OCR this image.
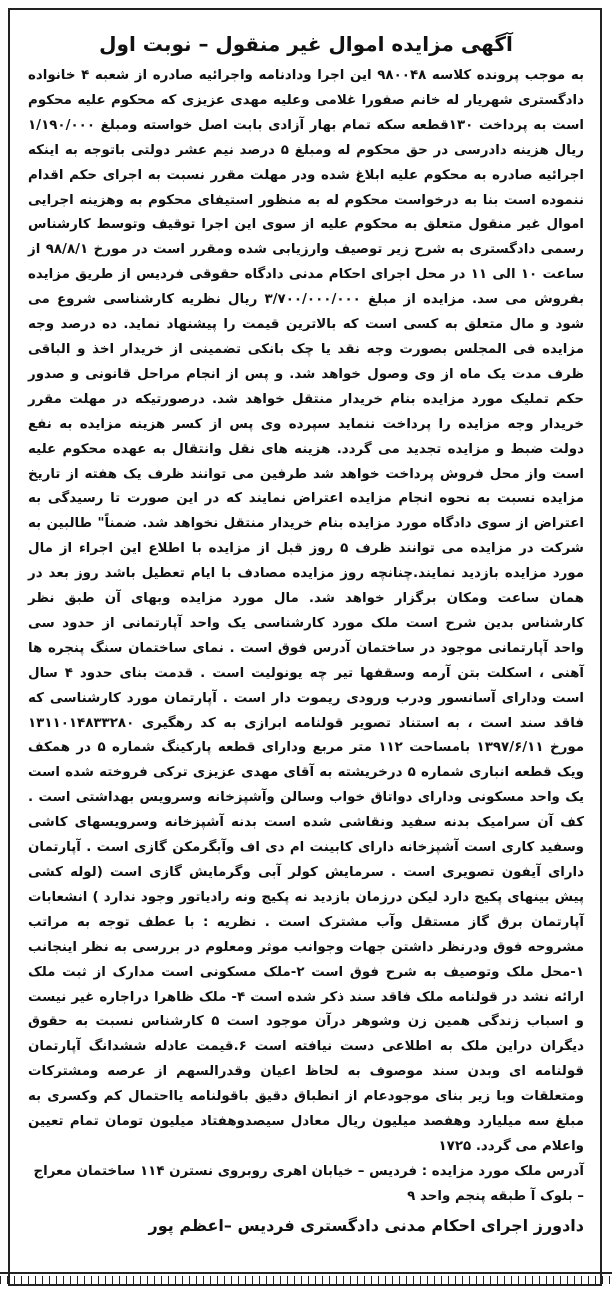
آگهی مزایده اموال غیر منقول – نوبت اول

به موجب پرونده کلاسه ۹۸۰۰۴۸ این اجرا ودادنامه واجرائیه صادره از شعبه ۴ خانواده دادگستری شهریار له خانم صفورا غلامی وعلیه مهدی عزیزی که محکوم علیه محکوم است به پرداخت ۱۳۰قطعه سکه تمام بهار آزادی بابت اصل خواسته ومبلغ ۱/۱۹۰/۰۰۰ ریال هزینه دادرسی در حق محکوم له ومبلغ ۵ درصد نیم عشر دولتی باتوجه به اینکه اجرائیه صادره به محکوم علیه ابلاغ شده ودر مهلت مقرر نسبت به اجرای حکم اقدام ننموده است بنا به درخواست محکوم له به منظور استیفای محکوم به وهزینه اجرایی اموال غیر منقول متعلق به محکوم علیه از سوی این اجرا توقیف وتوسط کارشناس رسمی دادگستری به شرح زیر توصیف وارزیابی شده ومقرر است در مورخ ۹۸/۸/۱ از ساعت ۱۰ الی ۱۱ در محل اجرای احکام مدنی دادگاه حقوقی فردیس از طریق مزایده بفروش می سد. مزایده از مبلغ ۳/۷۰۰/۰۰۰/۰۰۰ ریال نظریه کارشناسی شروع می شود و مال متعلق به کسی است که بالاترین قیمت را پیشنهاد نماید. ده درصد وجه مزایده فی المجلس بصورت وجه نقد یا چک بانکی تضمینی از خریدار اخذ و الباقی ظرف مدت یک ماه از وی وصول خواهد شد. و پس از انجام مراحل قانونی و صدور حکم تملیک مورد مزایده بنام خریدار منتقل خواهد شد. درصورتیکه در مهلت مقرر خریدار وجه مزایده را پرداخت ننماید سپرده وی پس از کسر هزینه مزایده به نفع دولت ضبط و مزایده تجدید می گردد. هزینه های نقل وانتقال به عهده محکوم علیه است واز محل فروش پرداخت خواهد شد طرفین می توانند ظرف یک هفته از تاریخ مزایده نسبت به نحوه انجام مزایده اعتراض نمایند که در این صورت تا رسیدگی به اعتراض از سوی دادگاه مورد مزایده بنام خریدار منتقل نخواهد شد. ضمناً" طالبین به شرکت در مزایده می توانند ظرف ۵ روز قبل از مزایده با اطلاع این اجراء از مال مورد مزایده بازدید نمایند.چنانچه روز مزایده مصادف با ایام تعطیل باشد روز بعد در همان ساعت ومکان برگزار خواهد شد. مال مورد مزایده وبهای آن طبق نظر کارشناس بدین شرح است ملک مورد کارشناسی یک واحد آپارتمانی از حدود سی واحد آپارتمانی موجود در ساختمان آدرس فوق است . نمای ساختمان سنگ پنجره ها آهنی ، اسکلت بتن آرمه وسقفها تیر چه یونولیت است . قدمت بنای حدود ۴ سال است ودارای آسانسور ودرب ورودی ریموت دار است . آپارتمان مورد کارشناسی که فاقد سند است ، به استناد تصویر قولنامه ابرازی به کد رهگیری ۱۳۱۱۰۱۴۸۳۳۲۸۰ مورخ ۱۳۹۷/۶/۱۱ بامساحت ۱۱۲ متر مربع ودارای قطعه پارکینگ شماره ۵ در همکف ویک قطعه انباری شماره ۵ درخریشته به آقای مهدی عزیزی ترکی فروخته شده است یک واحد مسکونی ودارای دواتاق خواب وسالن وآشپزخانه وسرویس بهداشتی است . کف آن سرامیک بدنه سفید ونقاشی شده است بدنه آشپزخانه وسرویسهای کاشی وسفید کاری است آشپزخانه دارای کابینت ام دی اف وآبگرمکن گازی است . آپارتمان دارای آیفون تصویری است . سرمایش کولر آبی وگرمایش گازی است (لوله کشی پیش بینهای پکیج دارد لیکن درزمان بازدید نه پکیج ونه رادیاتور وجود ندارد ) انشعابات آپارتمان برق گاز مستقل وآب مشترک است . نظریه : با عطف توجه به مراتب مشروحه فوق ودرنظر داشتن جهات وجوانب موثر ومعلوم در بررسی به نظر اینجانب ۱-محل ملک وتوصیف به شرح فوق است ۲-ملک مسکونی است مدارک از ثبت ملک ارائه نشد در قولنامه ملک فاقد سند ذکر شده است ۴- ملک ظاهرا دراجاره غیر نیست و اسباب زندگی همین زن وشوهر درآن موجود است ۵ کارشناس نسبت به حقوق دیگران دراین ملک به اطلاعی دست نیافته است ۶.قیمت عادله ششدانگ آپارتمان قولنامه ای وبدن سند موصوف به لحاظ اعیان وقدرالسهم از عرصه ومشترکات ومتعلقات وبا زیر بنای موجودعام از انطباق دقیق باقولنامه یااحتمال کم وکسری به مبلغ سه میلیارد وهفصد میلیون ریال معادل سیصدوهفتاد میلیون تومان تمام تعیین واعلام می گردد. ۱۷۲۵

آدرس ملک مورد مزایده : فردیس – خیابان اهری روبروی نسترن ۱۱۴ ساختمان معراج – بلوک آ طبقه پنجم واحد ۹

دادورز اجرای احکام مدنی دادگستری فردیس –اعظم پور
